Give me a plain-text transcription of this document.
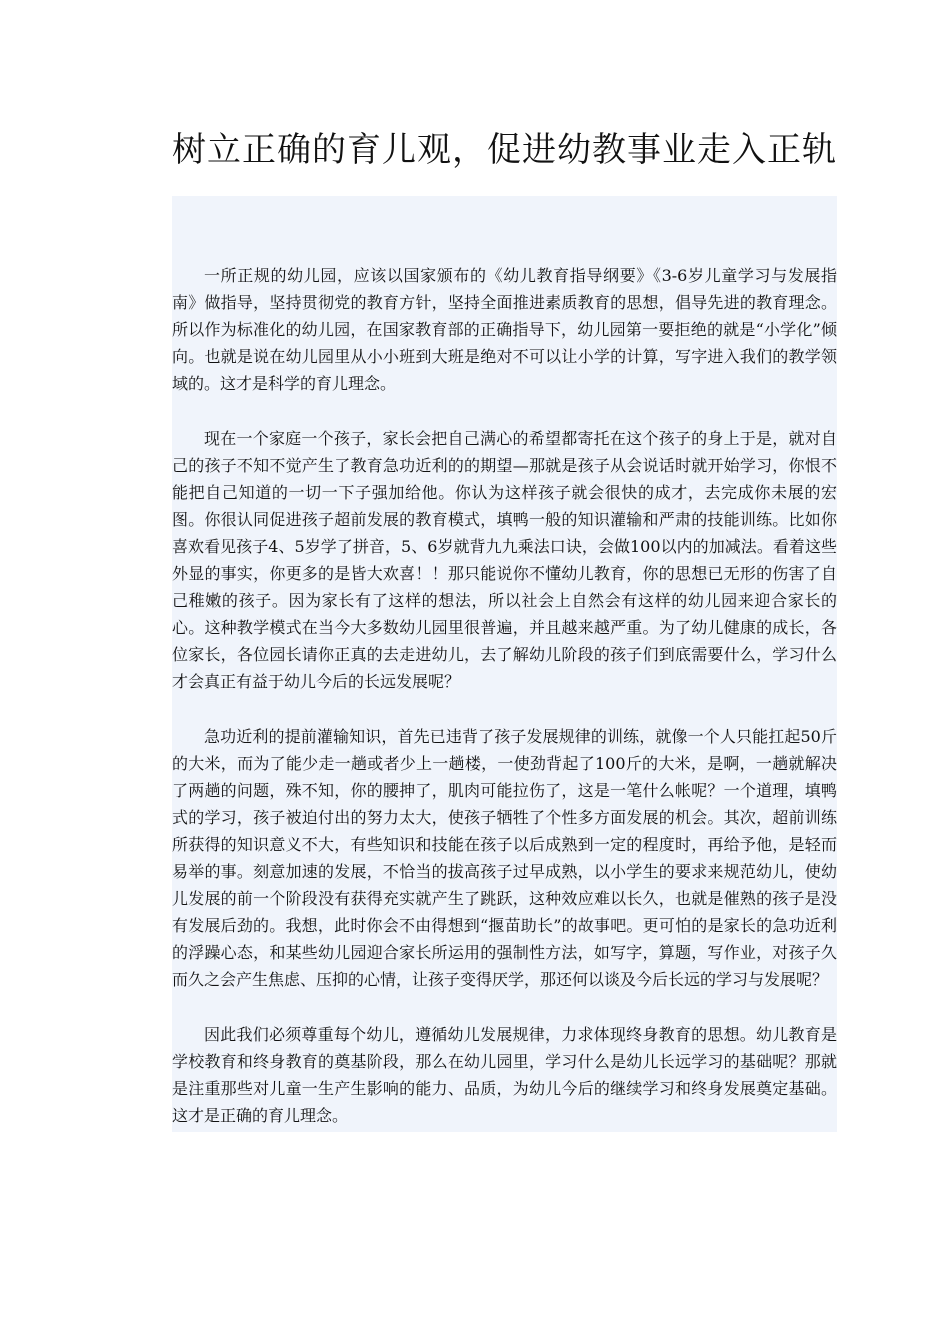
树立正确的育儿观，促进幼教事业走入正轨

一所正规的幼儿园，应该以国家颁布的《幼儿教育指导纲要》《3-6岁儿童学习与发展指南》做指导，坚持贯彻党的教育方针，坚持全面推进素质教育的思想，倡导先进的教育理念。所以作为标准化的幼儿园，在国家教育部的正确指导下，幼儿园第一要拒绝的就是“小学化”倾向。也就是说在幼儿园里从小小班到大班是绝对不可以让小学的计算，写字进入我们的教学领域的。这才是科学的育儿理念。

现在一个家庭一个孩子，家长会把自己满心的希望都寄托在这个孩子的身上于是，就对自己的孩子不知不觉产生了教育急功近利的的期望—那就是孩子从会说话时就开始学习，你恨不能把自己知道的一切一下子强加给他。你认为这样孩子就会很快的成才，去完成你未展的宏图。你很认同促进孩子超前发展的教育模式，填鸭一般的知识灌输和严肃的技能训练。比如你喜欢看见孩子4、5岁学了拼音，5、6岁就背九九乘法口诀，会做100以内的加减法。看着这些外显的事实，你更多的是皆大欢喜！！那只能说你不懂幼儿教育，你的思想已无形的伤害了自己稚嫩的孩子。因为家长有了这样的想法，所以社会上自然会有这样的幼儿园来迎合家长的心。这种教学模式在当今大多数幼儿园里很普遍，并且越来越严重。为了幼儿健康的成长，各位家长，各位园长请你正真的去走进幼儿，去了解幼儿阶段的孩子们到底需要什么，学习什么才会真正有益于幼儿今后的长远发展呢？

急功近利的提前灌输知识，首先已违背了孩子发展规律的训练，就像一个人只能扛起50斤的大米，而为了能少走一趟或者少上一趟楼，一使劲背起了100斤的大米，是啊，一趟就解决了两趟的问题，殊不知，你的腰抻了，肌肉可能拉伤了，这是一笔什么帐呢？一个道理，填鸭式的学习，孩子被迫付出的努力太大，使孩子牺牲了个性多方面发展的机会。其次，超前训练所获得的知识意义不大，有些知识和技能在孩子以后成熟到一定的程度时，再给予他，是轻而易举的事。刻意加速的发展，不恰当的拔高孩子过早成熟，以小学生的要求来规范幼儿，使幼儿发展的前一个阶段没有获得充实就产生了跳跃，这种效应难以长久，也就是催熟的孩子是没有发展后劲的。我想，此时你会不由得想到“揠苗助长”的故事吧。更可怕的是家长的急功近利的浮躁心态，和某些幼儿园迎合家长所运用的强制性方法，如写字，算题，写作业，对孩子久而久之会产生焦虑、压抑的心情，让孩子变得厌学，那还何以谈及今后长远的学习与发展呢？

因此我们必须尊重每个幼儿，遵循幼儿发展规律，力求体现终身教育的思想。幼儿教育是学校教育和终身教育的奠基阶段，那么在幼儿园里，学习什么是幼儿长远学习的基础呢？那就是注重那些对儿童一生产生影响的能力、品质，为幼儿今后的继续学习和终身发展奠定基础。这才是正确的育儿理念。
